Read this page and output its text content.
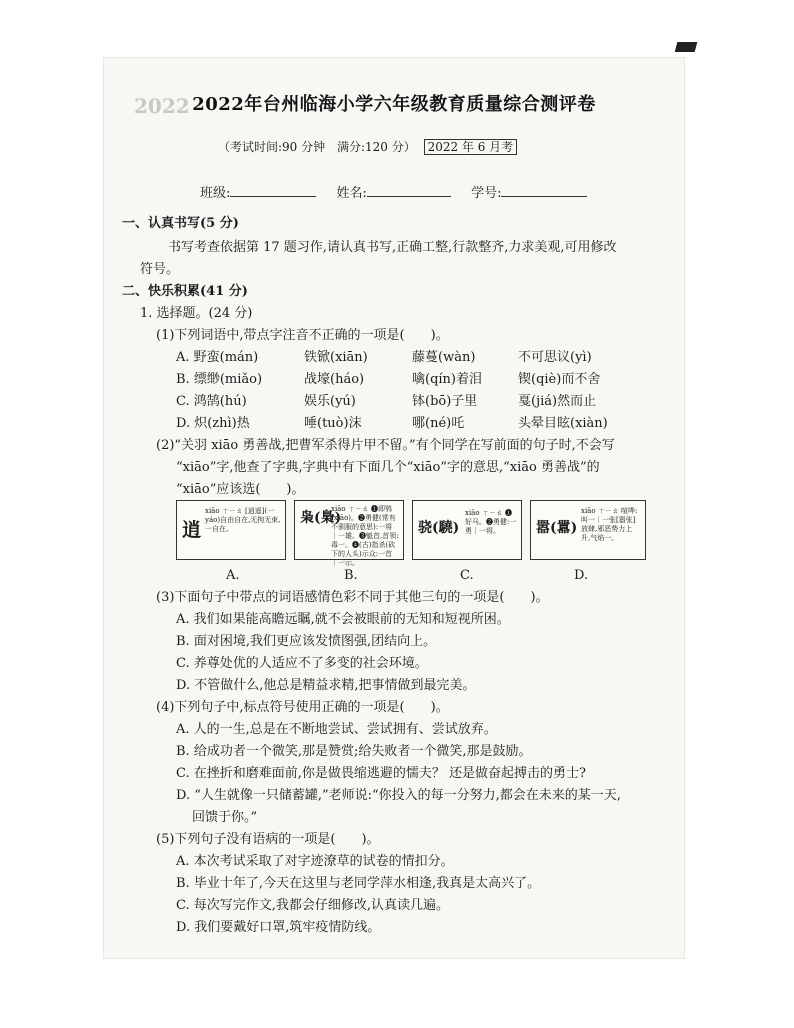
2022 2022年台州临海小学六年级教育质量综合测评卷
（考试时间:90 分钟 满分:120 分） 2022 年 6 月考
班级:	姓名:	学号:
一、认真书写(5 分)
书写考查依据第 17 题习作,请认真书写,正确工整,行款整齐,力求美观,可用修改
符号。
二、快乐积累(41 分)
1. 选择题。(24 分)
(1)下列词语中,带点字注音不正确的一项是(　　)。
A. 野蛮(mán)	铁锨(xiān)	藤蔓(wàn)	不可思议(yì)
B. 缥缈(miǎo)	战壕(háo)	噙(qín)着泪	锲(qiè)而不舍
C. 鸿鹄(hú)	娱乐(yú)	钵(bō)子里	戛(jiá)然而止
D. 炽(zhì)热	唾(tuò)沫	哪(né)吒	头晕目眩(xiàn)
(2)“关羽 xiāo 勇善战,把曹军杀得片甲不留。”有个同学在写前面的句子时,不会写
“xiāo”字,他查了字典,字典中有下面几个“xiāo”字的意思,“xiāo 勇善战”的
“xiāo”应该选(　　)。
逍
xiāo ㄒㄧㄠ [逍遥](一yáo)自由自在,无拘无束,一自在。
枭(梟)
xiāo ㄒㄧㄠ ❶即鸮(xiāo)。❷勇健(常有不驯服的意思):一将｜一雄。❸魁首,首领:毒一。❹(古)指杀(砍下的人头)示众:一首｜一示。
骁(驍)
xiāo ㄒㄧㄠ ❶好马。❷勇健:一勇｜一将。	嚣(囂)
xiāo ㄒㄧㄠ 喧哗:叫一｜一张[嚣张]放肆,邪恶势力上升,气焰一。
A.	B.	C.	D.
(3)下面句子中带点的词语感情色彩不同于其他三句的一项是(　　)。
A. 我们如果能高瞻远瞩,就不会被眼前的无知和短视所困。
B. 面对困境,我们更应该发愤图强,团结向上。
C. 养尊处优的人适应不了多变的社会环境。
D. 不管做什么,他总是精益求精,把事情做到最完美。
(4)下列句子中,标点符号使用正确的一项是(　　)。
A. 人的一生,总是在不断地尝试、尝试拥有、尝试放弃。
B. 给成功者一个微笑,那是赞赏;给失败者一个微笑,那是鼓励。
C. 在挫折和磨难面前,你是做畏缩逃避的懦夫？ 还是做奋起搏击的勇士?
D. “人生就像一只储蓄罐,”老师说:“你投入的每一分努力,都会在未来的某一天,
回馈于你。”
(5)下列句子没有语病的一项是(　　)。
A. 本次考试采取了对字迹潦草的试卷的情扣分。
B. 毕业十年了,今天在这里与老同学萍水相逢,我真是太高兴了。
C. 每次写完作文,我都会仔细修改,认真读几遍。
D. 我们要戴好口罩,筑牢疫情防线。
